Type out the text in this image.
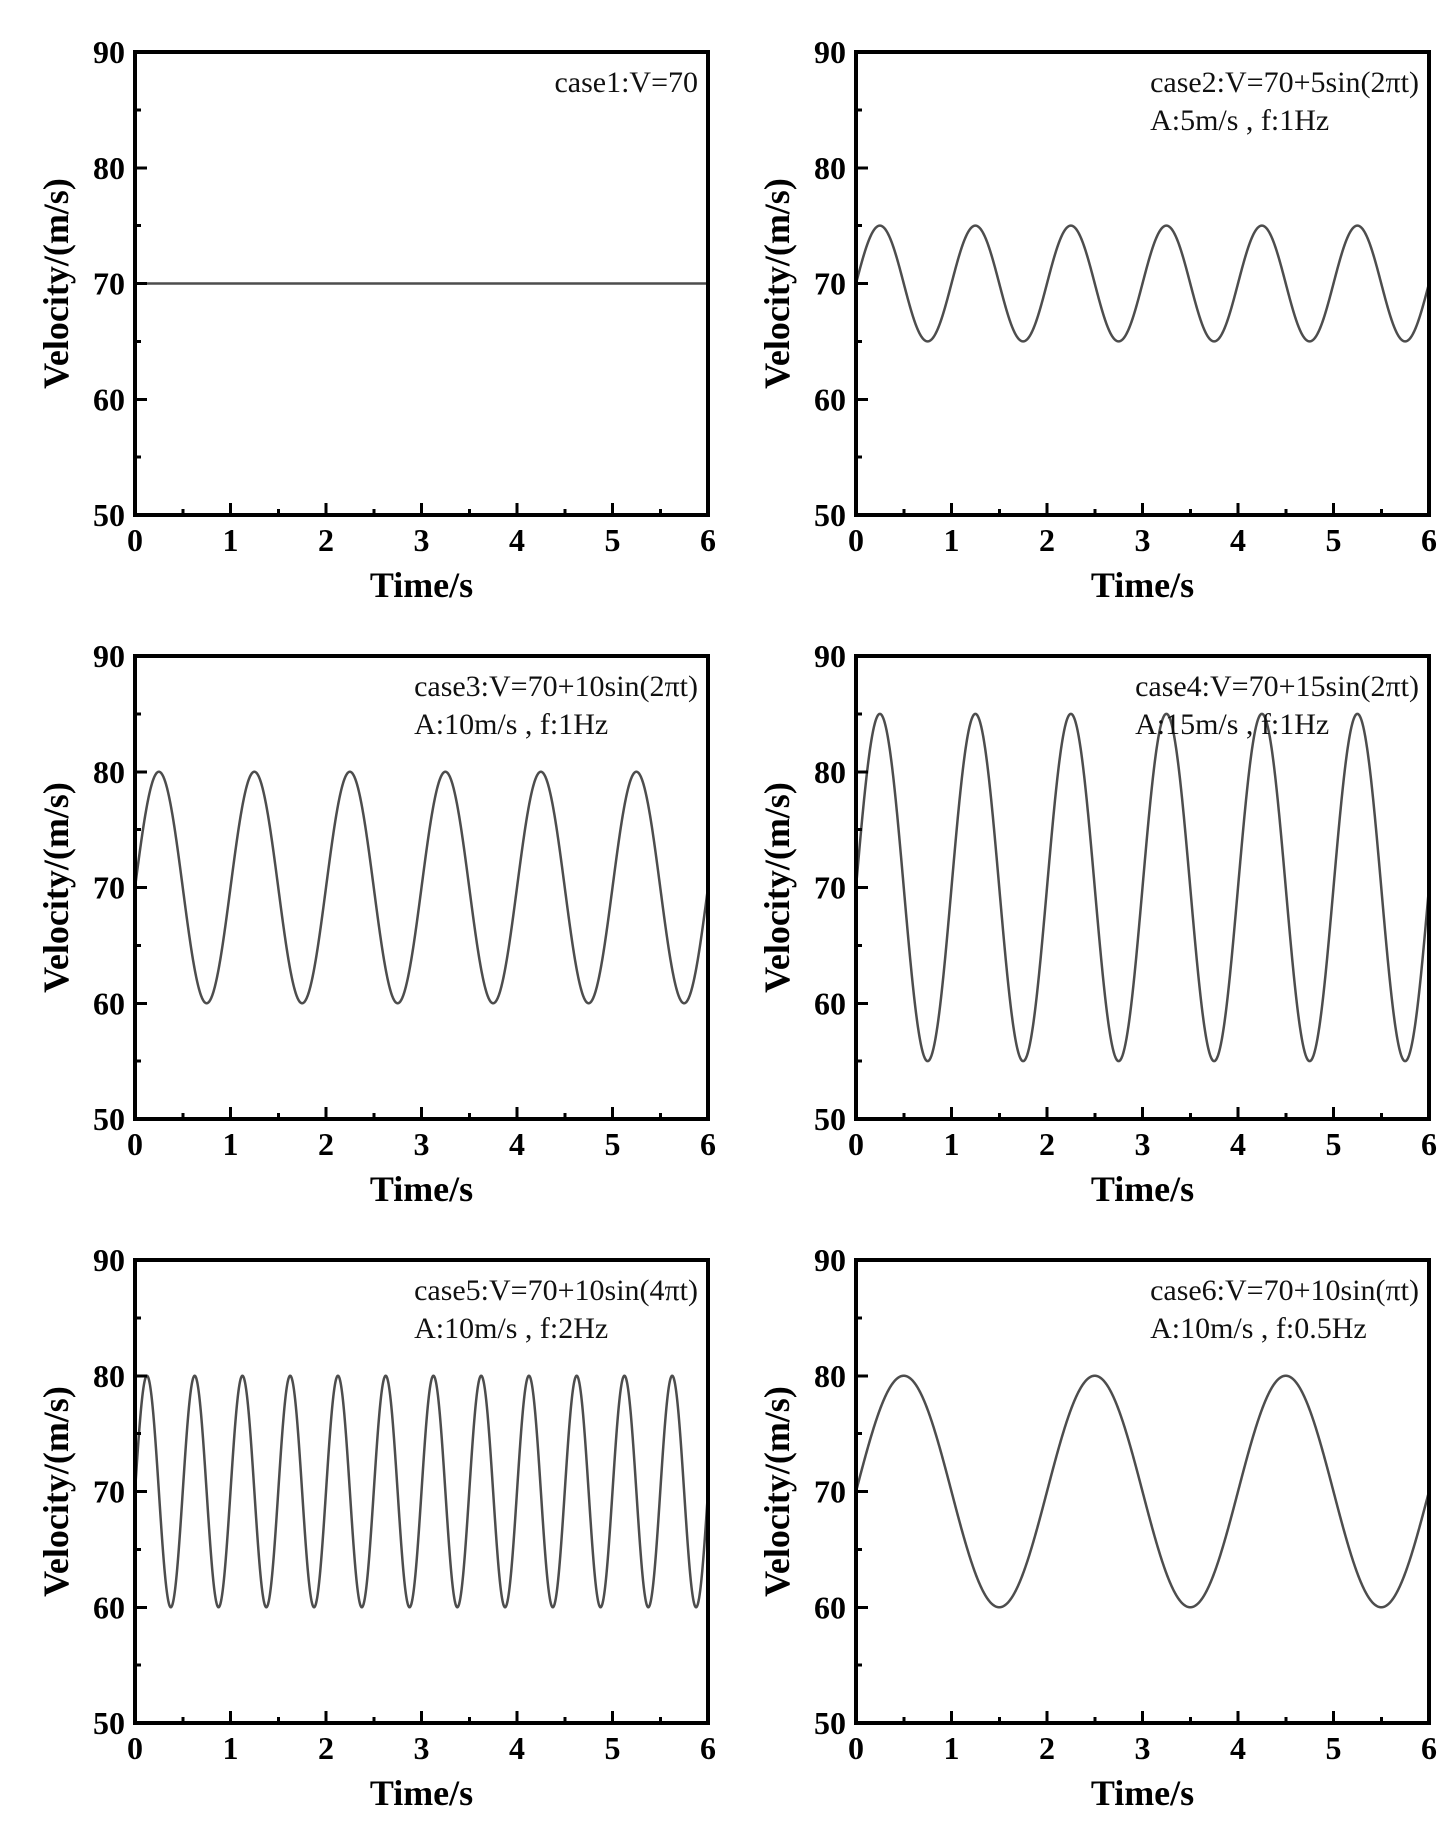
0 1 2 3 4 5 6
50
60
70
80
90
Time/s
Velocity/(m/s)
case1:V=70
0 1 2 3 4 5 6
50
60
70
80
90
Time/s
Velocity/(m/s)
case2:V=70+5sin(2πt)
A:5m/s , f:1Hz
0 1 2 3 4 5 6
50
60
70
80
90
Time/s
Velocity/(m/s)
case3:V=70+10sin(2πt)
A:10m/s , f:1Hz
0 1 2 3 4 5 6
50
60
70
80
90
Time/s
Velocity/(m/s)
case4:V=70+15sin(2πt)
A:15m/s , f:1Hz
0 1 2 3 4 5 6
50
60
70
80
90
Time/s
Velocity/(m/s)
case5:V=70+10sin(4πt)
A:10m/s , f:2Hz
0 1 2 3 4 5 6
50
60
70
80
90
Time/s
Velocity/(m/s)
case6:V=70+10sin(πt)
A:10m/s , f:0.5Hz
